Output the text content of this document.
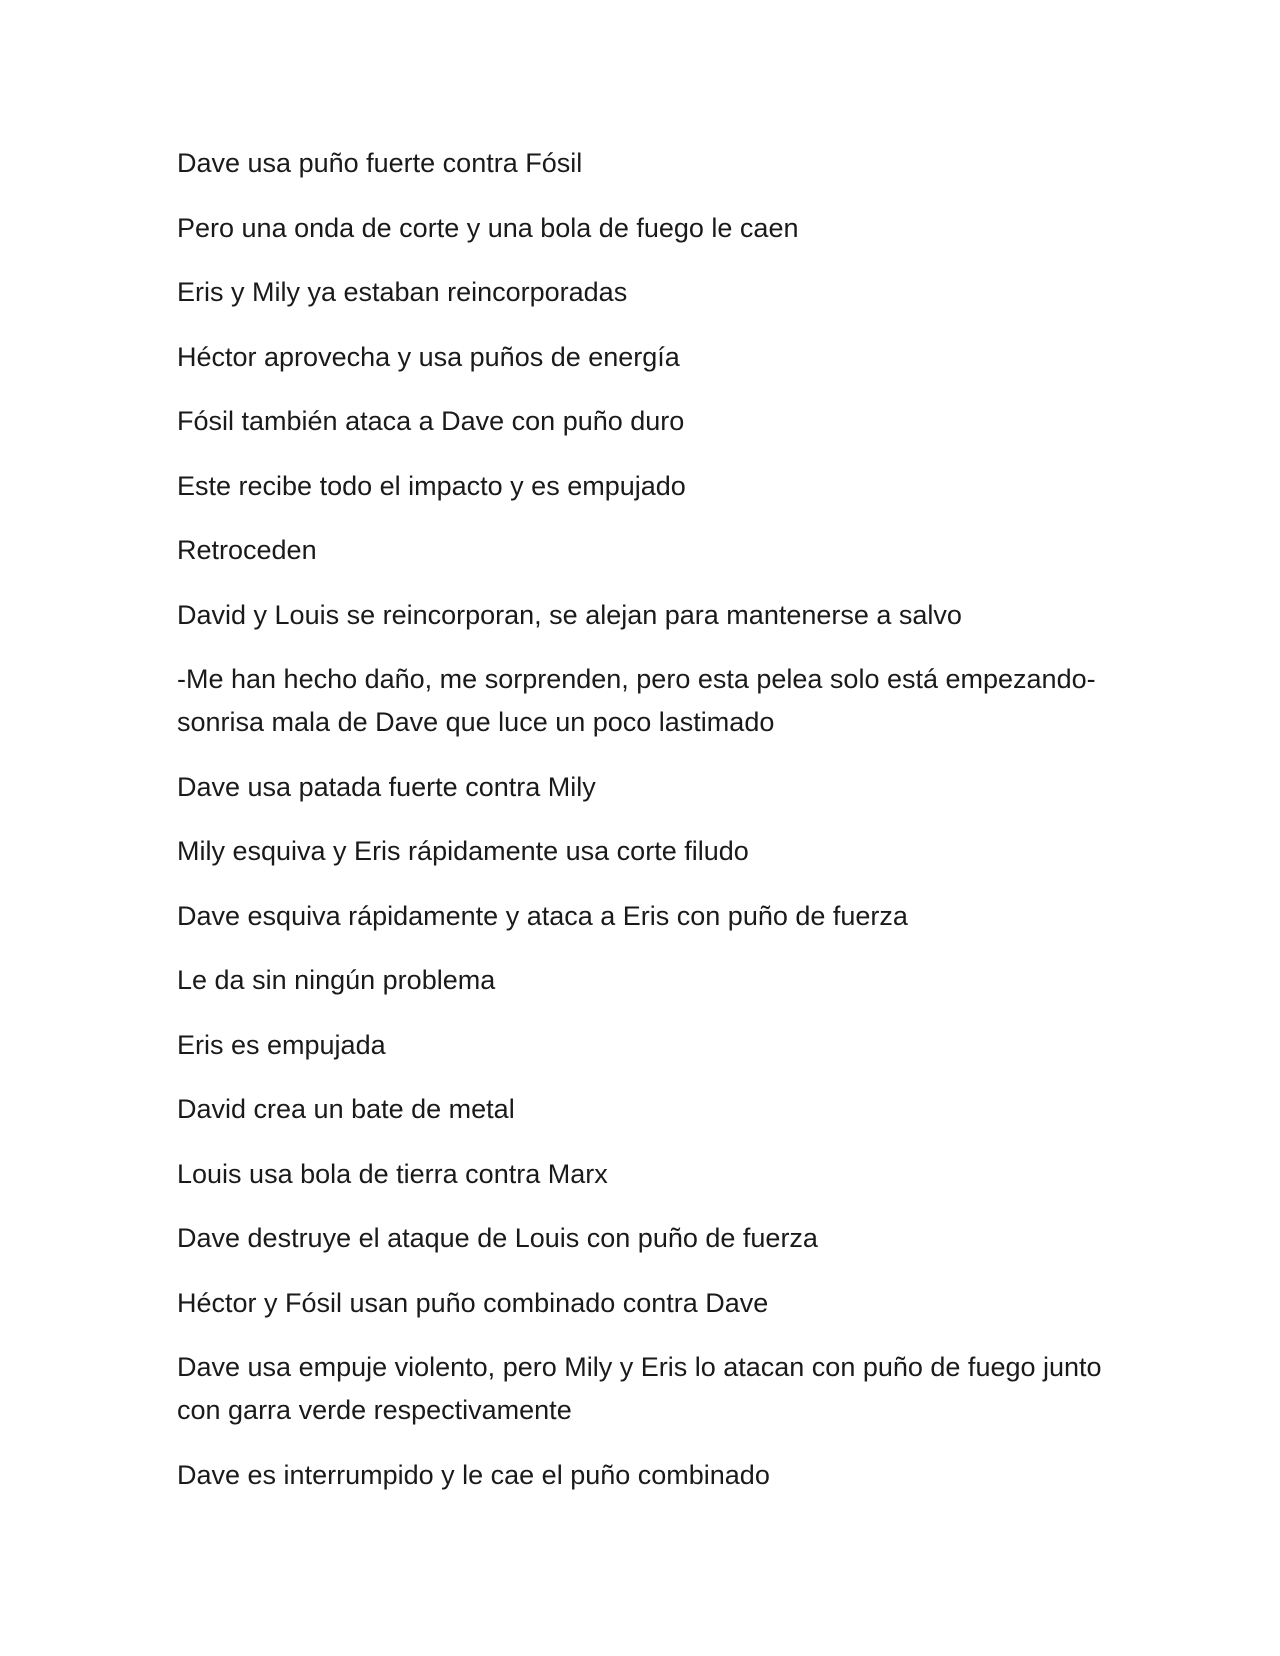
Dave usa puño fuerte contra Fósil

Pero una onda de corte y una bola de fuego le caen

Eris y Mily ya estaban reincorporadas

Héctor aprovecha y usa puños de energía

Fósil también ataca a Dave con puño duro

Este recibe todo el impacto y es empujado

Retroceden

David y Louis se reincorporan, se alejan para mantenerse a salvo

-Me han hecho daño, me sorprenden, pero esta pelea solo está empezando- sonrisa mala de Dave que luce un poco lastimado

Dave usa patada fuerte contra Mily

Mily esquiva y Eris rápidamente usa corte filudo

Dave esquiva rápidamente y ataca a Eris con puño de fuerza

Le da sin ningún problema

Eris es empujada

David crea un bate de metal

Louis usa bola de tierra contra Marx

Dave destruye el ataque de Louis con puño de fuerza

Héctor y Fósil usan puño combinado contra Dave

Dave usa empuje violento, pero Mily y Eris lo atacan con puño de fuego junto con garra verde respectivamente

Dave es interrumpido y le cae el puño combinado
